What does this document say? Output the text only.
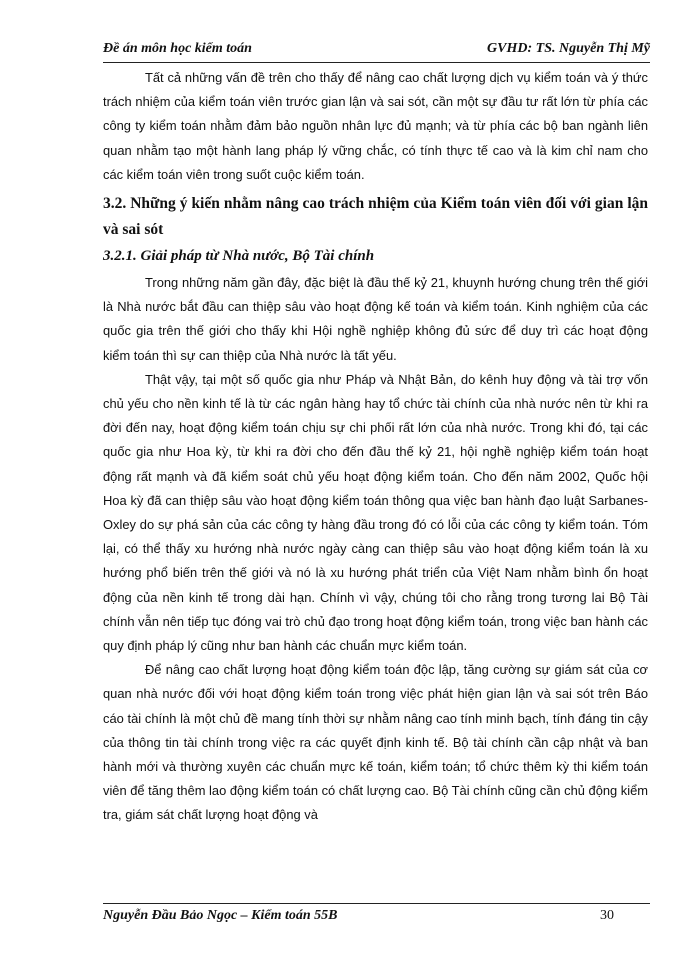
Đề án môn học kiểm toán	GVHD: TS. Nguyễn Thị Mỹ

Tất cả những vấn đề trên cho thấy để nâng cao chất lượng dịch vụ kiểm toán và ý thức trách nhiệm của kiểm toán viên trước gian lận và sai sót, cần một sự đầu tư rất lớn từ phía các công ty kiểm toán nhằm đảm bảo nguồn nhân lực đủ mạnh; và từ phía các bộ ban ngành liên quan nhằm tạo một hành lang pháp lý vững chắc, có tính thực tế cao và là kim chỉ nam cho các kiểm toán viên trong suốt cuộc kiểm toán.

3.2. Những ý kiến nhằm nâng cao trách nhiệm của Kiểm toán viên đối với gian lận và sai sót
3.2.1. Giải pháp từ Nhà nước, Bộ Tài chính

Trong những năm gần đây, đặc biệt là đầu thế kỷ 21, khuynh hướng chung trên thế giới là Nhà nước bắt đầu can thiệp sâu vào hoạt động kế toán và kiểm toán. Kinh nghiệm của các quốc gia trên thế giới cho thấy khi Hội nghề nghiệp không đủ sức để duy trì các hoạt động kiểm toán thì sự can thiệp của Nhà nước là tất yếu.

Thật vậy, tại một số quốc gia như Pháp và Nhật Bản, do kênh huy động và tài trợ vốn chủ yếu cho nền kinh tế là từ các ngân hàng hay tổ chức tài chính của nhà nước nên từ khi ra đời đến nay, hoạt động kiểm toán chịu sự chi phối rất lớn của nhà nước. Trong khi đó, tại các quốc gia như Hoa kỳ, từ khi ra đời cho đến đầu thế kỷ 21, hội nghề nghiệp kiểm toán hoạt động rất mạnh và đã kiểm soát chủ yếu hoạt động kiểm toán. Cho đến năm 2002, Quốc hội Hoa kỳ đã can thiệp sâu vào hoạt động kiểm toán thông qua việc ban hành đạo luật Sarbanes-Oxley do sự phá sản của các công ty hàng đầu trong đó có lỗi của các công ty kiểm toán. Tóm lại, có thể thấy xu hướng nhà nước ngày càng can thiệp sâu vào hoạt động kiểm toán là xu hướng phổ biến trên thế giới và nó là xu hướng phát triển của Việt Nam nhằm bình ổn hoạt động của nền kinh tế trong dài hạn. Chính vì vậy, chúng tôi cho rằng trong tương lai Bộ Tài chính vẫn nên tiếp tục đóng vai trò chủ đạo trong hoạt động kiểm toán, trong việc ban hành các quy định pháp lý cũng như ban hành các chuẩn mực kiểm toán.

Để nâng cao chất lượng hoạt động kiểm toán độc lập, tăng cường sự giám sát của cơ quan nhà nước đối với hoạt động kiểm toán trong việc phát hiện gian lận và sai sót trên Báo cáo tài chính là một chủ đề mang tính thời sự nhằm nâng cao tính minh bạch, tính đáng tin cậy của thông tin tài chính trong việc ra các quyết định kinh tế. Bộ tài chính cần cập nhật và ban hành mới và thường xuyên các chuẩn mực kế toán, kiểm toán; tổ chức thêm kỳ thi kiểm toán viên để tăng thêm lao động kiểm toán có chất lượng cao. Bộ Tài chính cũng cần chủ động kiểm tra, giám sát chất lượng hoạt động và

Nguyễn Đầu Bảo Ngọc – Kiểm toán 55B	30
